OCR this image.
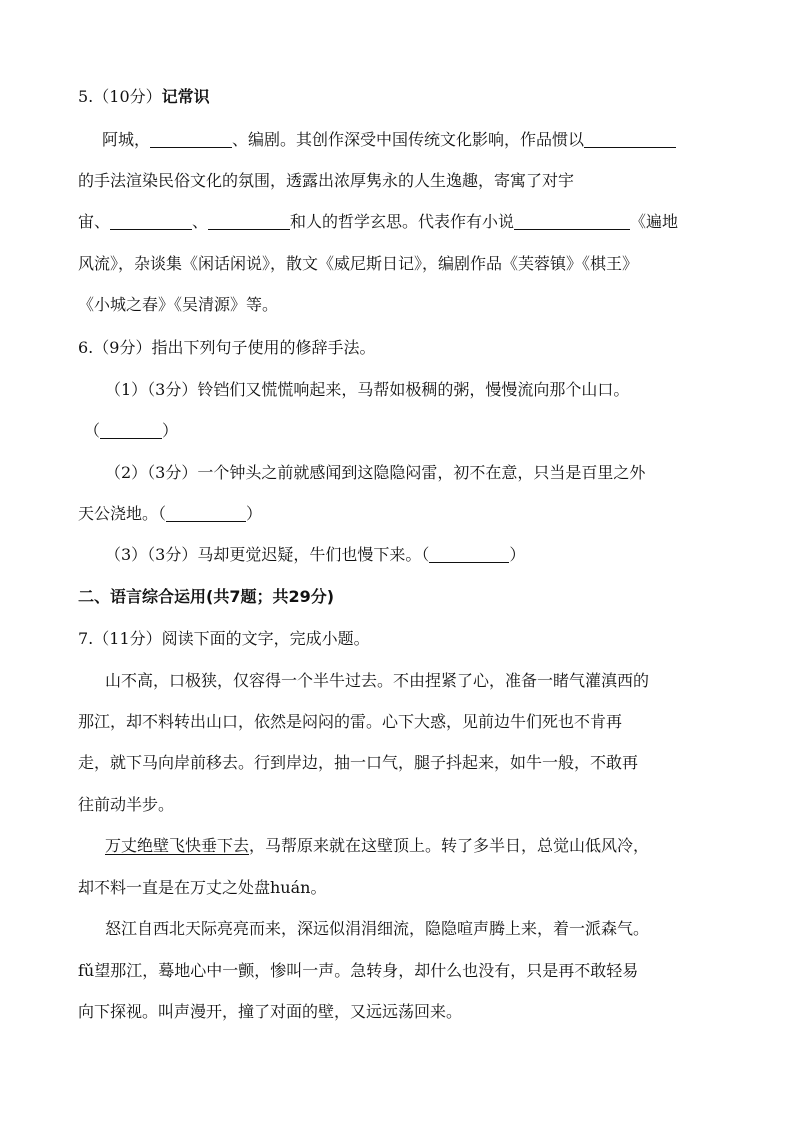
5.（10分）记常识
阿城，	、编剧。其创作深受中国传统文化影响，作品惯以
的手法渲染民俗文化的氛围，透露出浓厚隽永的人生逸趣，寄寓了对宇
宙、	、	和人的哲学玄思。代表作有小说	《遍地
风流》，杂谈集《闲话闲说》，散文《威尼斯日记》，编剧作品《芙蓉镇》《棋王》
《小城之春》《吴清源》等。
6.（9分）指出下列句子使用的修辞手法。
（1）（3分）铃铛们又慌慌响起来，马帮如极稠的粥，慢慢流向那个山口。
（	）
（2）（3分）一个钟头之前就感闻到这隐隐闷雷，初不在意，只当是百里之外
天公浇地。（	）
（3）（3分）马却更觉迟疑，牛们也慢下来。（	）
二、语言综合运用(共7题；共29分)
7.（11分）阅读下面的文字，完成小题。
山不高，口极狭，仅容得一个半牛过去。不由捏紧了心，准备一睹气灌滇西的
那江，却不料转出山口，依然是闷闷的雷。心下大惑，见前边牛们死也不肯再
走，就下马向岸前移去。行到岸边，抽一口气，腿子抖起来，如牛一般，不敢再
往前动半步。
万丈绝壁飞快垂下去，马帮原来就在这壁顶上。转了多半日，总觉山低风冷，
却不料一直是在万丈之处盘huán。
怒江自西北天际亮亮而来，深远似涓涓细流，隐隐喧声腾上来，着一派森气。
fǔ望那江，蓦地心中一颤，惨叫一声。急转身，却什么也没有，只是再不敢轻易
向下探视。叫声漫开，撞了对面的壁，又远远荡回来。
